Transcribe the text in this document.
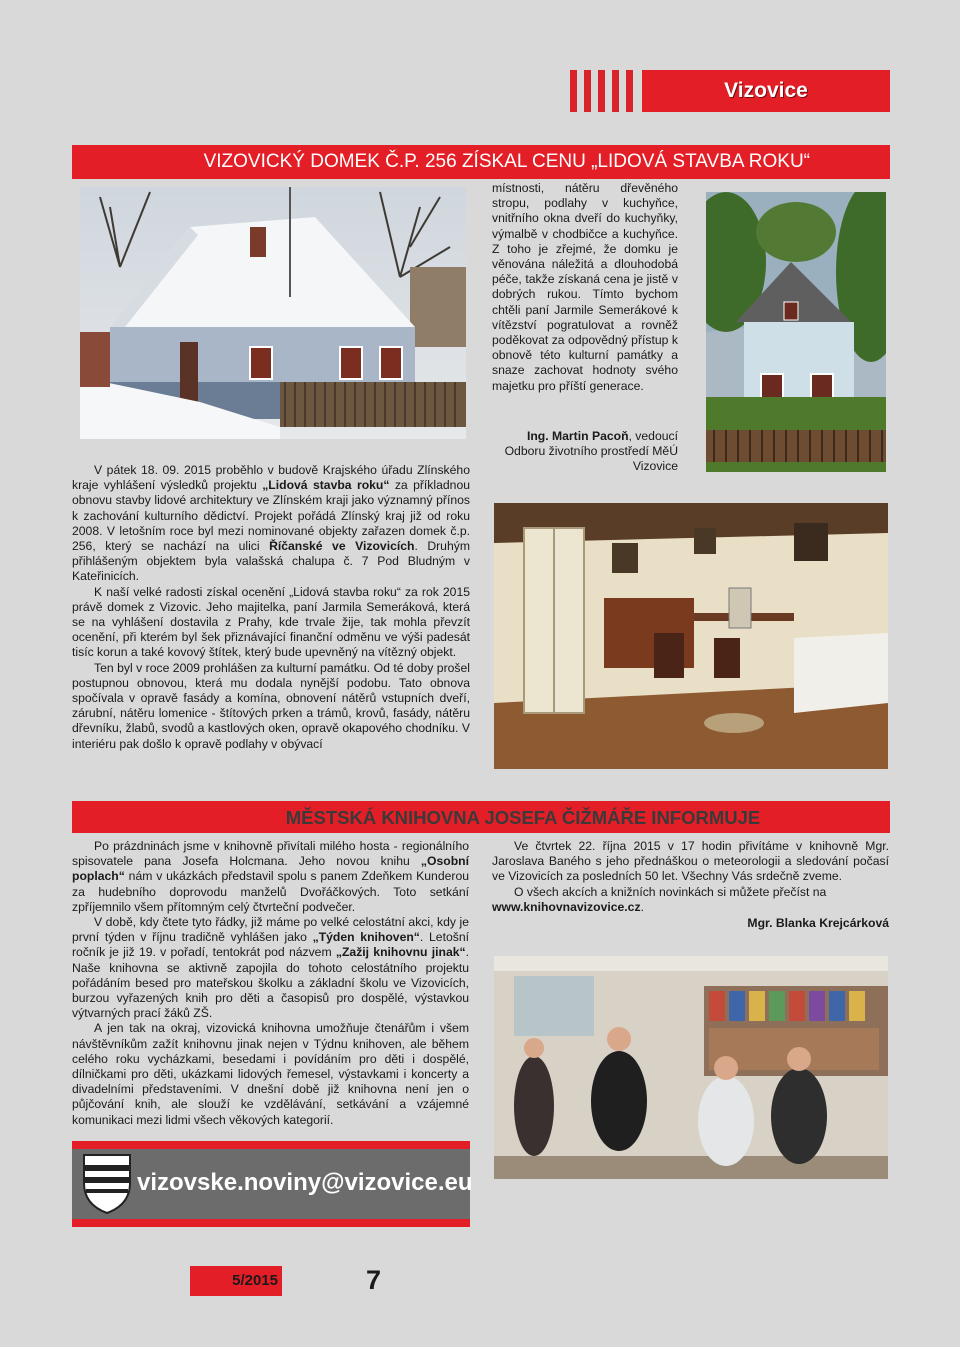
Vizovice
VIZOVICKÝ DOMEK Č.P. 256 ZÍSKAL CENU „LIDOVÁ STAVBA ROKU“

V pátek 18. 09. 2015 proběhlo v budově Krajského úřadu Zlínského kraje vyhlášení výsledků projektu „Lidová stavba roku“ za příkladnou obnovu stavby lidové architektury ve Zlínském kraji jako významný přínos k zachování kulturního dědictví. Projekt pořádá Zlínský kraj již od roku 2008. V letošním roce byl mezi nominované objekty zařazen domek č.p. 256, který se nachází na ulici Říčanské ve Vizovicích. Druhým přihlášeným objektem byla valašská chalupa č. 7 Pod Bludným v Kateřinicích.

K naší velké radosti získal ocenění „Lidová stavba roku“ za rok 2015 právě domek z Vizovic. Jeho majitelka, paní Jarmila Semeráková, která se na vyhlášení dostavila z Prahy, kde trvale žije, tak mohla převzít ocenění, při kterém byl šek přiznávající finanční odměnu ve výši padesát tisíc korun a také kovový štítek, který bude upevněný na vítězný objekt.

Ten byl v roce 2009 prohlášen za kulturní památku. Od té doby prošel postupnou obnovou, která mu dodala nynější podobu. Tato obnova spočívala v opravě fasády a komína, obnovení nátěrů vstupních dveří, zárubní, nátěru lomenice - štítových prken a trámů, krovů, fasády, nátěru dřevníku, žlabů, svodů a kastlových oken, opravě okapového chodníku. V interiéru pak došlo k opravě podlahy v obývací

místnosti, nátěru dřevěného stropu, podlahy v kuchyňce, vnitřního okna dveří do kuchyňky, výmalbě v chodbičce a kuchyňce. Z toho je zřejmé, že domku je věnována náležitá a dlouhodobá péče, takže získaná cena je jistě v dobrých rukou. Tímto bychom chtěli paní Jarmile Semerákové k vítězství pogratulovat a rovněž poděkovat za odpovědný přístup k obnově této kulturní památky a snaze zachovat hodnoty svého majetku pro příští generace.

Ing. Martin Pacoň, vedoucí
Odboru životního prostředí MěÚ
Vizovice
MĚSTSKÁ KNIHOVNA JOSEFA ČIŽMÁŘE INFORMUJE

Po prázdninách jsme v knihovně přivítali milého hosta - regionálního spisovatele pana Josefa Holcmana. Jeho novou knihu „Osobní poplach“ nám v ukázkách představil spolu s panem Zdeňkem Kunderou za hudebního doprovodu manželů Dvořáčkových. Toto setkání zpříjemnilo všem přítomným celý čtvrteční podvečer.

V době, kdy čtete tyto řádky, již máme po velké celostátní akci, kdy je první týden v říjnu tradičně vyhlášen jako „Týden knihoven“. Letošní ročník je již 19. v pořadí, tentokrát pod názvem „Zažij knihovnu jinak“. Naše knihovna se aktivně zapojila do tohoto celostátního projektu pořádáním besed pro mateřskou školku a základní školu ve Vizovicích, burzou vyřazených knih pro děti a časopisů pro dospělé, výstavkou výtvarných prací žáků ZŠ.

A jen tak na okraj, vizovická knihovna umožňuje čtenářům i všem návštěvníkům zažít knihovnu jinak nejen v Týdnu knihoven, ale během celého roku vycházkami, besedami i povídáním pro děti i dospělé, dílničkami pro děti, ukázkami lidových řemesel, výstavkami i koncerty a divadelními představeními. V dnešní době již knihovna není jen o půjčování knih, ale slouží ke vzdělávání, setkávání a vzájemné komunikaci mezi lidmi všech věkových kategorií.

Ve čtvrtek 22. října 2015 v 17 hodin přivítáme v knihovně Mgr. Jaroslava Baného s jeho přednáškou o meteorologii a sledování počasí ve Vizovicích za posledních 50 let. Všechny Vás srdečně zveme.

O všech akcích a knižních novinkách si můžete přečíst na

www.knihovnavizovice.cz.

Mgr. Blanka Krejcárková

vizovske.noviny@vizovice.eu
5/2015	7
